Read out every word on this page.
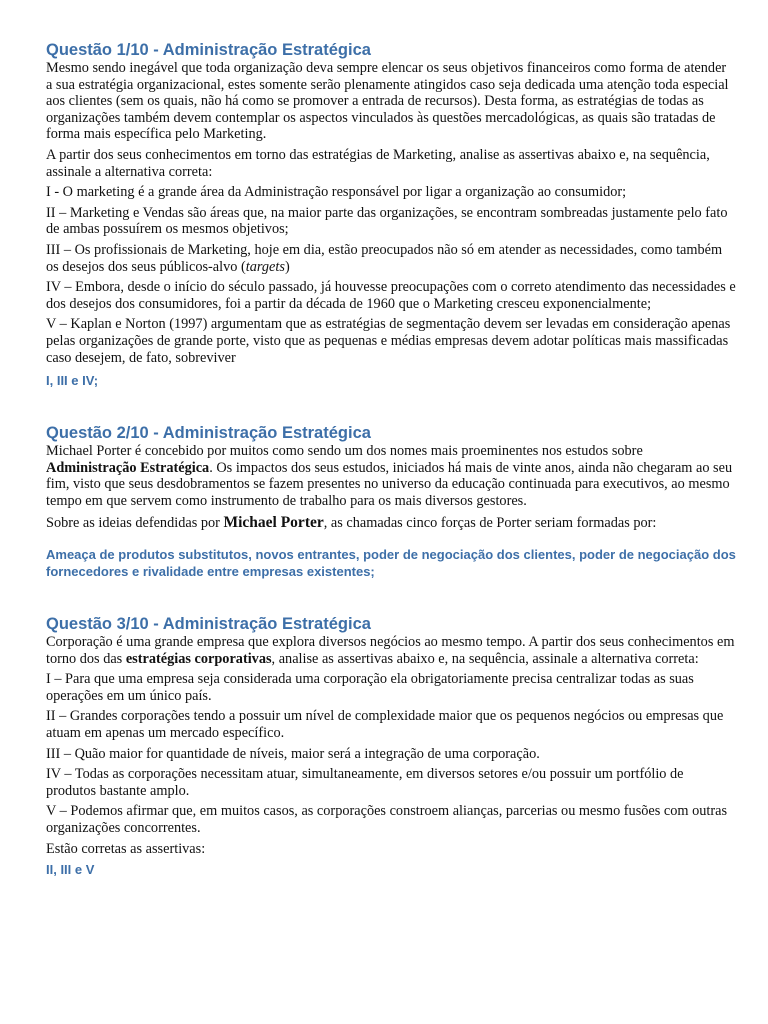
Questão 1/10 - Administração Estratégica

Mesmo sendo inegável que toda organização deva sempre elencar os seus objetivos financeiros como forma de atender a sua estratégia organizacional, estes somente serão plenamente atingidos caso seja dedicada uma atenção toda especial aos clientes (sem os quais, não há como se promover a entrada de recursos). Desta forma, as estratégias de todas as organizações também devem contemplar os aspectos vinculados às questões mercadológicas, as quais são tratadas de forma mais específica pelo Marketing.

A partir dos seus conhecimentos em torno das estratégias de Marketing, analise as assertivas abaixo e, na sequência, assinale a alternativa correta:

I - O marketing é a grande área da Administração responsável por ligar a organização ao consumidor;

II – Marketing e Vendas são áreas que, na maior parte das organizações, se encontram sombreadas justamente pelo fato de ambas possuírem os mesmos objetivos;

III – Os profissionais de Marketing, hoje em dia, estão preocupados não só em atender as necessidades, como também os desejos dos seus públicos-alvo (targets)

IV – Embora, desde o início do século passado, já houvesse preocupações com o correto atendimento das necessidades e dos desejos dos consumidores, foi a partir da década de 1960 que o Marketing cresceu exponencialmente;

V – Kaplan e Norton (1997) argumentam que as estratégias de segmentação devem ser levadas em consideração apenas pelas organizações de grande porte, visto que as pequenas e médias empresas devem adotar políticas mais massificadas caso desejem, de fato, sobreviver

I, III e IV;

Questão 2/10 - Administração Estratégica

Michael Porter é concebido por muitos como sendo um dos nomes mais proeminentes nos estudos sobre Administração Estratégica. Os impactos dos seus estudos, iniciados há mais de vinte anos, ainda não chegaram ao seu fim, visto que seus desdobramentos se fazem presentes no universo da educação continuada para executivos, ao mesmo tempo em que servem como instrumento de trabalho para os mais diversos gestores.

Sobre as ideias defendidas por Michael Porter, as chamadas cinco forças de Porter seriam formadas por:

Ameaça de produtos substitutos, novos entrantes, poder de negociação dos clientes, poder de negociação dos fornecedores e rivalidade entre empresas existentes;

Questão 3/10 - Administração Estratégica

Corporação é uma grande empresa que explora diversos negócios ao mesmo tempo. A partir dos seus conhecimentos em torno dos das estratégias corporativas, analise as assertivas abaixo e, na sequência, assinale a alternativa correta:

I – Para que uma empresa seja considerada uma corporação ela obrigatoriamente precisa centralizar todas as suas operações em um único país.

II – Grandes corporações tendo a possuir um nível de complexidade maior que os pequenos negócios ou empresas que atuam em apenas um mercado específico.

III – Quão maior for quantidade de níveis, maior será a integração de uma corporação.

IV – Todas as corporações necessitam atuar, simultaneamente, em diversos setores e/ou possuir um portfólio de produtos bastante amplo.

V – Podemos afirmar que, em muitos casos, as corporações constroem alianças, parcerias ou mesmo fusões com outras organizações concorrentes.

Estão corretas as assertivas:

II, III e V
